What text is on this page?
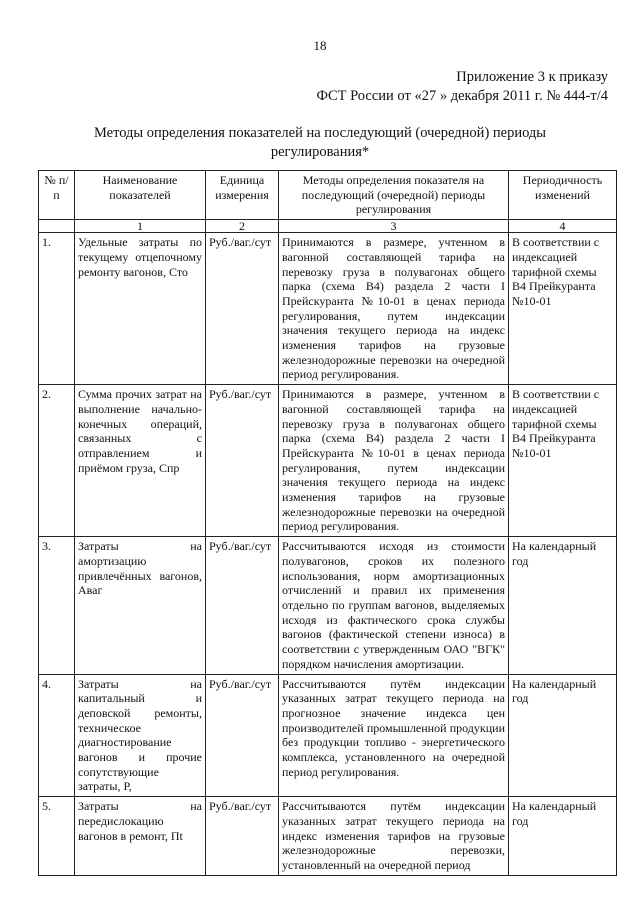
18
Приложение 3 к приказу
ФСТ России от «27 » декабря 2011 г. № 444-т/4
Методы определения показателей на последующий (очередной) периоды
регулирования*
№ п/п	Наименование показателей	Единица измерения	Методы определения показателя на последующий (очередной) периоды регулирования	Периодичность изменений
	1	2	3	4
1.	Удельные затраты по текущему отцепочному ремонту вагонов, Сто	Руб./ваг./сут	Принимаются в размере, учтенном в вагонной составляющей тарифа на перевозку груза в полувагонах общего парка (схема В4) раздела 2 части I Прейскуранта №10-01 в ценах периода регулирования, путем индексации значения текущего периода на индекс изменения тарифов на грузовые железнодорожные перевозки на очередной период регулирования.	В соответствии с индексацией тарифной схемы В4 Прейкуранта №10-01
2.	Сумма прочих затрат на выполнение начально-конечных операций, связанных с отправлением и приёмом груза, Спр	Руб./ваг./сут	Принимаются в размере, учтенном в вагонной составляющей тарифа на перевозку груза в полувагонах общего парка (схема В4) раздела 2 части I Прейскуранта №10-01 в ценах периода регулирования, путем индексации значения текущего периода на индекс изменения тарифов на грузовые железнодорожные перевозки на очередной период регулирования.	В соответствии с индексацией тарифной схемы В4 Прейкуранта №10-01
3.	Затраты на амортизацию привлечённых вагонов, Аваг	Руб./ваг./сут	Рассчитываются исходя из стоимости полувагонов, сроков их полезного использования, норм амортизационных отчислений и правил их применения отдельно по группам вагонов, выделяемых исходя из фактического срока службы вагонов (фактической степени износа) в соответствии с утвержденным ОАО "ВГК" порядком начисления амортизации.	На календарный год
4.	Затраты на капитальный и деповской ремонты, техническое диагностирование вагонов и прочие сопутствующие затраты, Р,	Руб./ваг./сут	Рассчитываются путём индексации указанных затрат текущего периода на прогнозное значение индекса цен производителей промышленной продукции без продукции топливо - энергетического комплекса, установленного на очередной период регулирования.	На календарный год
5.	Затраты на передислокацию вагонов в ремонт, Пt	Руб./ваг./сут	Рассчитываются путём индексации указанных затрат текущего периода на индекс изменения тарифов на грузовые железнодорожные перевозки, установленный на очередной период	На календарный год
